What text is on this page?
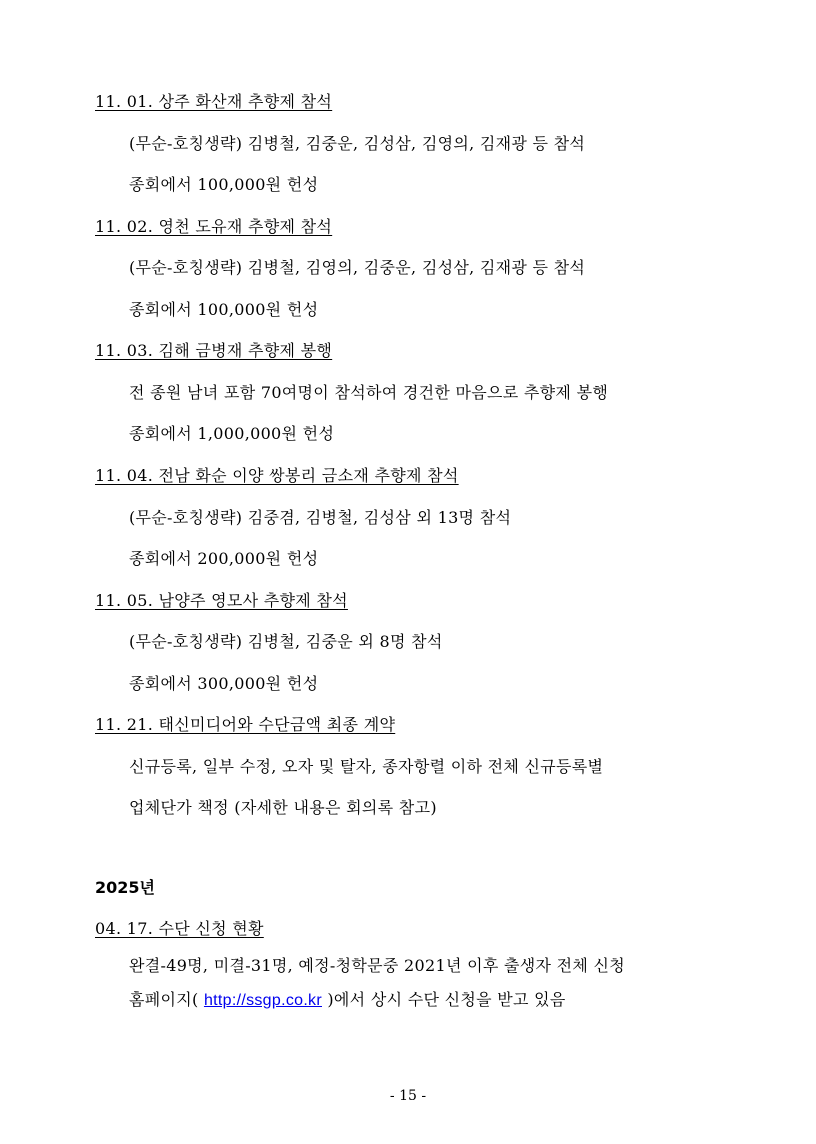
11. 01. 상주 화산재 추향제 참석
(무순-호칭생략) 김병철, 김중운, 김성삼, 김영의, 김재광 등 참석
종회에서 100,000원 헌성
11. 02. 영천 도유재 추향제 참석
(무순-호칭생략) 김병철, 김영의, 김중운, 김성삼, 김재광 등 참석
종회에서 100,000원 헌성
11. 03. 김해 금병재 추향제 봉행
전 종원 남녀 포함 70여명이 참석하여 경건한 마음으로 추향제 봉행
종회에서 1,000,000원 헌성
11. 04. 전남 화순 이양 쌍봉리 금소재 추향제 참석
(무순-호칭생략) 김중겸, 김병철, 김성삼 외 13명 참석
종회에서 200,000원 헌성
11. 05. 남양주 영모사 추향제 참석
(무순-호칭생략) 김병철, 김중운 외 8명 참석
종회에서 300,000원 헌성
11. 21. 태신미디어와 수단금액 최종 계약
신규등록, 일부 수정, 오자 및 탈자, 종자항렬 이하 전체 신규등록별
업체단가 책정 (자세한 내용은 회의록 참고)
2025년
04. 17. 수단 신청 현황
완결-49명, 미결-31명, 예정-청학문중 2021년 이후 출생자 전체 신청
홈페이지( http://ssgp.co.kr )에서 상시 수단 신청을 받고 있음
- 15 -
